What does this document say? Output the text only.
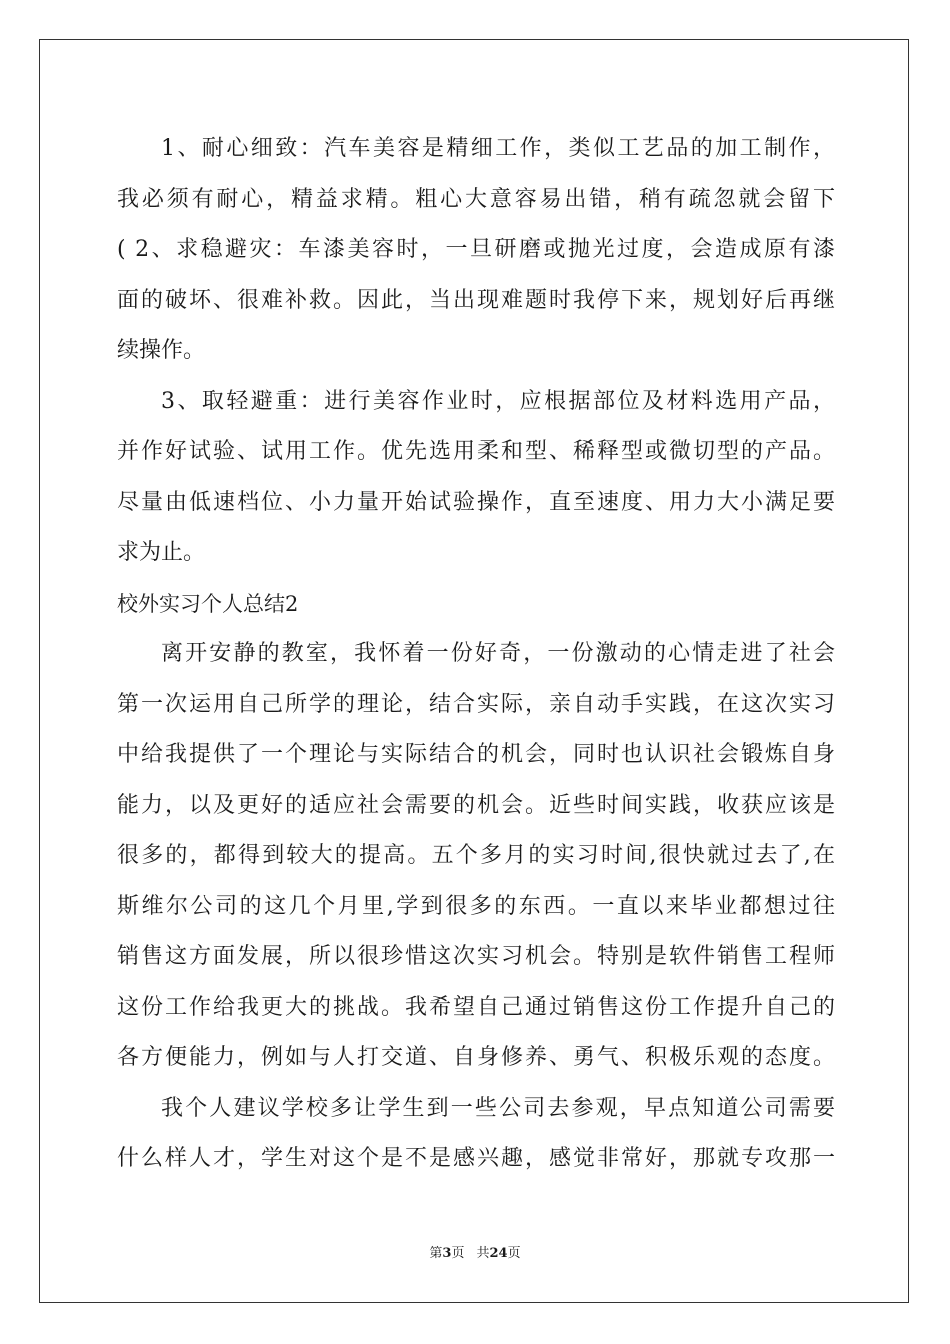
1、耐心细致：汽车美容是精细工作，类似工艺品的加工制作，
我必须有耐心，精益求精。粗心大意容易出错，稍有疏忽就会留下
( 2、求稳避灾：车漆美容时，一旦研磨或抛光过度，会造成原有漆
面的破坏、很难补救。因此，当出现难题时我停下来，规划好后再继
续操作。
3、取轻避重：进行美容作业时，应根据部位及材料选用产品，
并作好试验、试用工作。优先选用柔和型、稀释型或微切型的产品。
尽量由低速档位、小力量开始试验操作，直至速度、用力大小满足要
求为止。
校外实习个人总结2
离开安静的教室，我怀着一份好奇，一份激动的心情走进了社会
第一次运用自己所学的理论，结合实际，亲自动手实践，在这次实习
中给我提供了一个理论与实际结合的机会，同时也认识社会锻炼自身
能力，以及更好的适应社会需要的机会。近些时间实践，收获应该是
很多的，都得到较大的提高。五个多月的实习时间,很快就过去了,在
斯维尔公司的这几个月里,学到很多的东西。一直以来毕业都想过往
销售这方面发展，所以很珍惜这次实习机会。特别是软件销售工程师
这份工作给我更大的挑战。我希望自己通过销售这份工作提升自己的
各方便能力，例如与人打交道、自身修养、勇气、积极乐观的态度。
我个人建议学校多让学生到一些公司去参观，早点知道公司需要
什么样人才，学生对这个是不是感兴趣，感觉非常好，那就专攻那一
第3页 共24页
